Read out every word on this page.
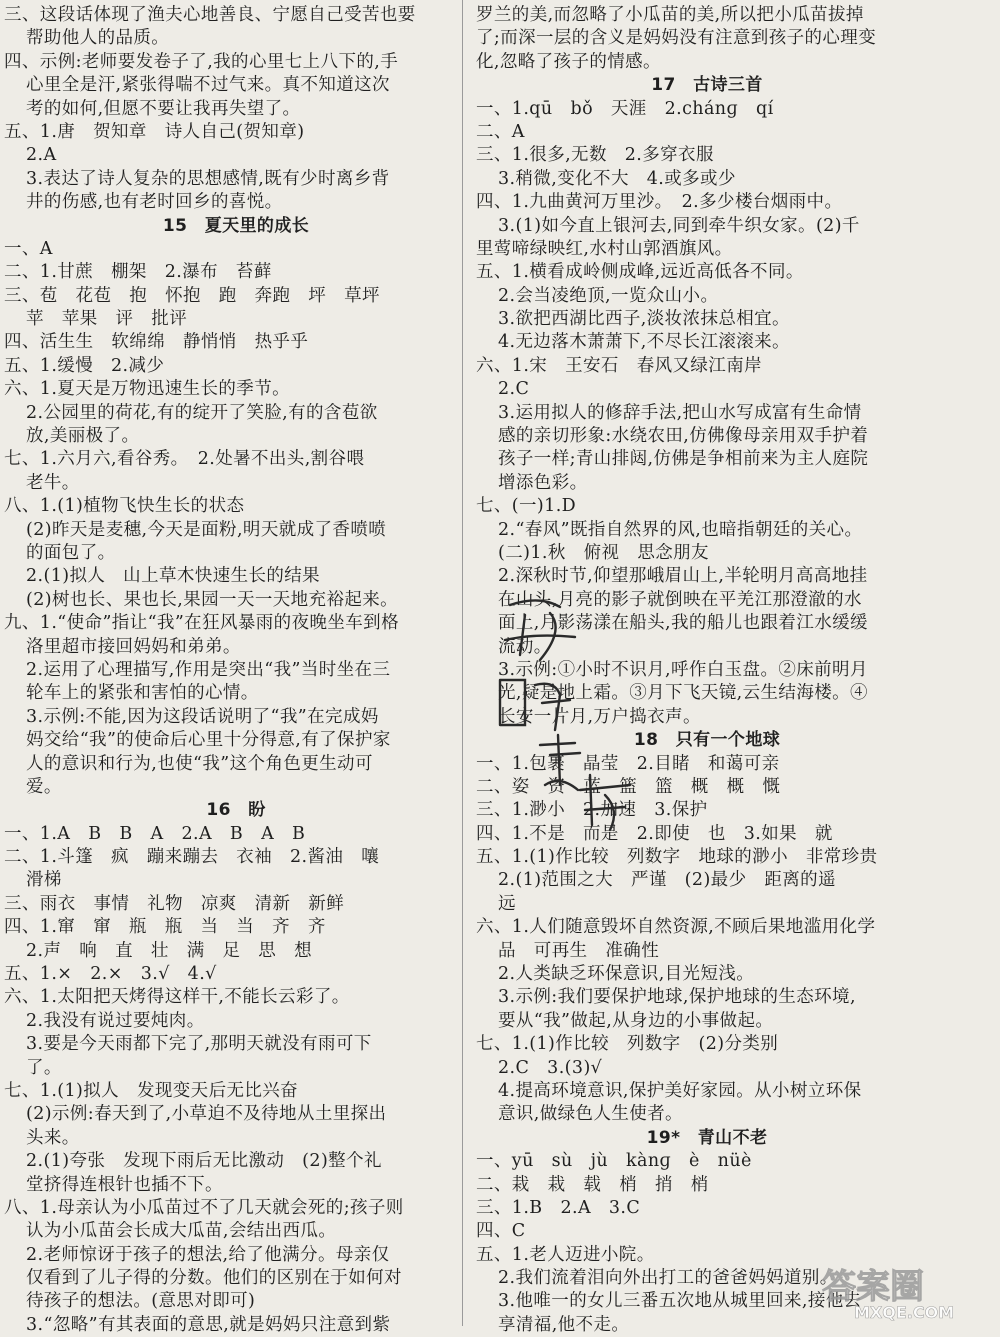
三、这段话体现了渔夫心地善良、宁愿自己受苦也要
帮助他人的品质。
四、示例:老师要发卷子了,我的心里七上八下的,手
心里全是汗,紧张得喘不过气来。真不知道这次
考的如何,但愿不要让我再失望了。
五、1.唐　贺知章　诗人自己(贺知章)
2.A
3.表达了诗人复杂的思想感情,既有少时离乡背
井的伤感,也有老时回乡的喜悦。
15　夏天里的成长
一、A
二、1.甘蔗　棚架　2.瀑布　苔藓
三、苞　花苞　抱　怀抱　跑　奔跑　坪　草坪
苹　苹果　评　批评
四、活生生　软绵绵　静悄悄　热乎乎
五、1.缓慢　2.减少
六、1.夏天是万物迅速生长的季节。
2.公园里的荷花,有的绽开了笑脸,有的含苞欲
放,美丽极了。
七、1.六月六,看谷秀。　2.处暑不出头,割谷喂
老牛。
八、1.(1)植物飞快生长的状态
(2)昨天是麦穗,今天是面粉,明天就成了香喷喷
的面包了。
2.(1)拟人　山上草木快速生长的结果
(2)树也长、果也长,果园一天一天地充裕起来。
九、1.“使命”指让“我”在狂风暴雨的夜晚坐车到格
洛里超市接回妈妈和弟弟。
2.运用了心理描写,作用是突出“我”当时坐在三
轮车上的紧张和害怕的心情。
3.示例:不能,因为这段话说明了“我”在完成妈
妈交给“我”的使命后心里十分得意,有了保护家
人的意识和行为,也使“我”这个角色更生动可
爱。
16　盼
一、1.A　B　B　A　2.A　B　A　B
二、1.斗篷　疯　蹦来蹦去　衣袖　2.酱油　嚷
滑梯
三、雨衣　事情　礼物　凉爽　清新　新鲜
四、1.窜　窜　瓶　瓶　当　当　齐　齐
2.声　响　直　壮　满　足　思　想
五、1.×　2.×　3.√　4.√
六、1.太阳把天烤得这样干,不能长云彩了。
2.我没有说过要炖肉。
3.要是今天雨都下完了,那明天就没有雨可下
了。
七、1.(1)拟人　发现变天后无比兴奋
(2)示例:春天到了,小草迫不及待地从土里探出
头来。
2.(1)夸张　发现下雨后无比激动　(2)整个礼
堂挤得连根针也插不下。
八、1.母亲认为小瓜苗过不了几天就会死的;孩子则
认为小瓜苗会长成大瓜苗,会结出西瓜。
2.老师惊讶于孩子的想法,给了他满分。母亲仅
仅看到了儿子得的分数。他们的区别在于如何对
待孩子的想法。(意思对即可)
3.“忽略”有其表面的意思,就是妈妈只注意到紫
罗兰的美,而忽略了小瓜苗的美,所以把小瓜苗拔掉
了;而深一层的含义是妈妈没有注意到孩子的心理变
化,忽略了孩子的情感。
17　古诗三首
一、1.qū　bǒ　天涯　2.chánɡ　qí
二、A
三、1.很多,无数　2.多穿衣服
3.稍微,变化不大　4.或多或少
四、1.九曲黄河万里沙。　2.多少楼台烟雨中。
3.(1)如今直上银河去,同到牵牛织女家。(2)千
里莺啼绿映红,水村山郭酒旗风。
五、1.横看成岭侧成峰,远近高低各不同。
2.会当凌绝顶,一览众山小。
3.欲把西湖比西子,淡妆浓抹总相宜。
4.无边落木萧萧下,不尽长江滚滚来。
六、1.宋　王安石　春风又绿江南岸
2.C
3.运用拟人的修辞手法,把山水写成富有生命情
感的亲切形象:水绕农田,仿佛像母亲用双手护着
孩子一样;青山排闼,仿佛是争相前来为主人庭院
增添色彩。
七、(一)1.D
2.“春风”既指自然界的风,也暗指朝廷的关心。
(二)1.秋　俯视　思念朋友
2.深秋时节,仰望那峨眉山上,半轮明月高高地挂
在山头,月亮的影子就倒映在平羌江那澄澈的水
面上,月影荡漾在船头,我的船儿也跟着江水缓缓
流动。
3.示例:①小时不识月,呼作白玉盘。②床前明月
光,疑是地上霜。③月下飞天镜,云生结海楼。④
长安一片月,万户捣衣声。
18　只有一个地球
一、1.包裹　晶莹　2.目睹　和蔼可亲
二、姿　资　蓝　篮　篮　概　概　慨
三、1.渺小　2.加速　3.保护
四、1.不是　而是　2.即使　也　3.如果　就
五、1.(1)作比较　列数字　地球的渺小　非常珍贵
2.(1)范围之大　严谨　(2)最少　距离的遥
远
六、1.人们随意毁坏自然资源,不顾后果地滥用化学
品　可再生　准确性
2.人类缺乏环保意识,目光短浅。
3.示例:我们要保护地球,保护地球的生态环境,
要从“我”做起,从身边的小事做起。
七、1.(1)作比较　列数字　(2)分类别
2.C　3.(3)√
4.提高环境意识,保护美好家园。从小树立环保
意识,做绿色人生使者。
19*　青山不老
一、yū　sù　jù　kànɡ　è　nüè
二、栽　栽　载　梢　捎　梢
三、1.B　2.A　3.C
四、C
五、1.老人迈进小院。
2.我们流着泪向外出打工的爸爸妈妈道别。
3.他唯一的女儿三番五次地从城里回来,接他去
享清福,他不走。
答案圈
MXQE.COM
